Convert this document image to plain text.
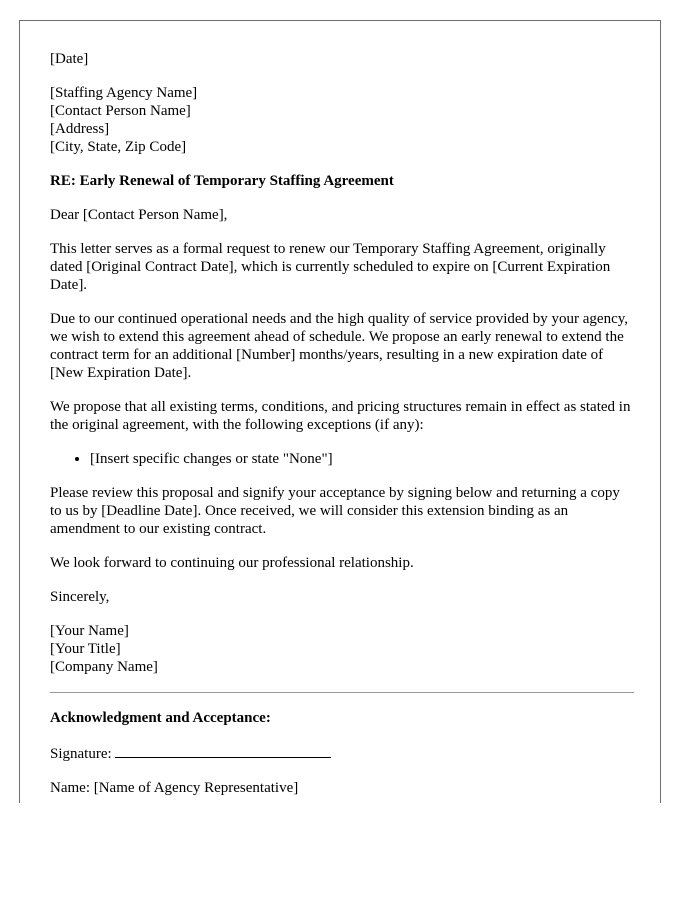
[Date]

[Staffing Agency Name]
[Contact Person Name]
[Address]
[City, State, Zip Code]

RE: Early Renewal of Temporary Staffing Agreement

Dear [Contact Person Name],

This letter serves as a formal request to renew our Temporary Staffing Agreement, originally dated [Original Contract Date], which is currently scheduled to expire on [Current Expiration Date].

Due to our continued operational needs and the high quality of service provided by your agency, we wish to extend this agreement ahead of schedule. We propose an early renewal to extend the contract term for an additional [Number] months/years, resulting in a new expiration date of [New Expiration Date].

We propose that all existing terms, conditions, and pricing structures remain in effect as stated in the original agreement, with the following exceptions (if any):

• [Insert specific changes or state "None"]

Please review this proposal and signify your acceptance by signing below and returning a copy to us by [Deadline Date]. Once received, we will consider this extension binding as an amendment to our existing contract.

We look forward to continuing our professional relationship.

Sincerely,

[Your Name]
[Your Title]
[Company Name]

Acknowledgment and Acceptance:

Signature:

Name: [Name of Agency Representative]
